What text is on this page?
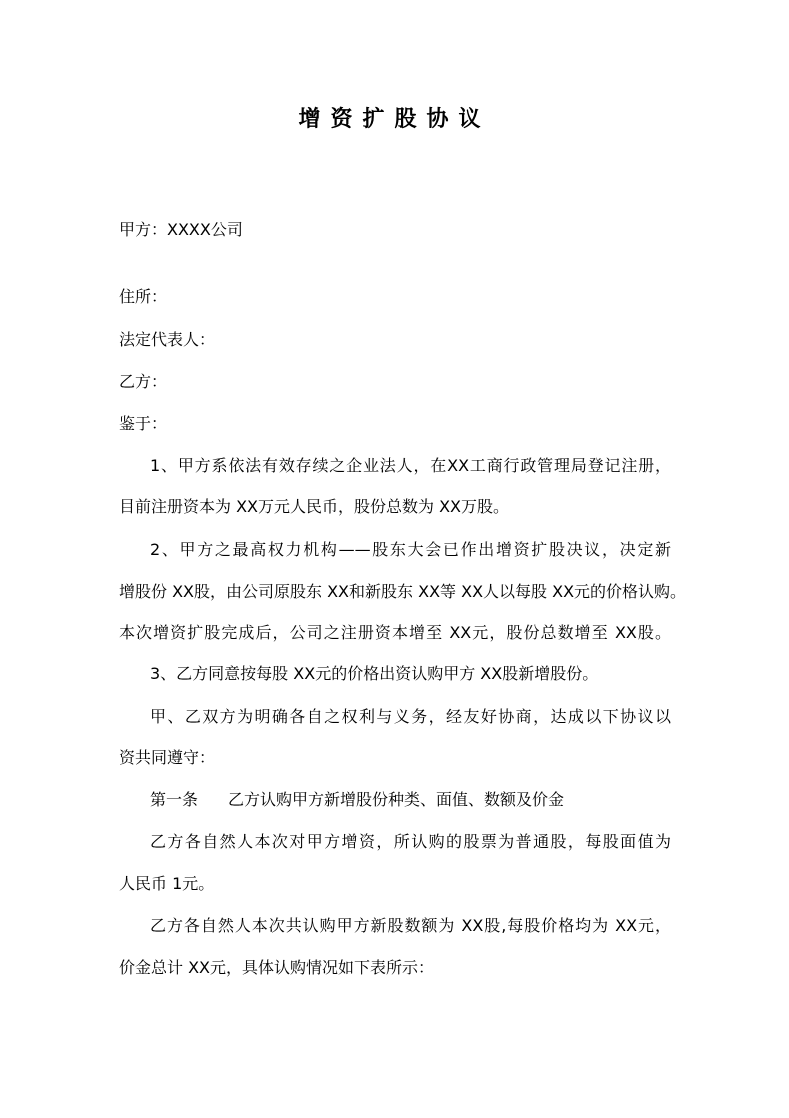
增资扩股协议
甲方：XXXX公司
住所：
法定代表人：
乙方：
鉴于：
1、甲方系依法有效存续之企业法人，在XX工商行政管理局登记注册，
目前注册资本为 XX万元人民币，股份总数为 XX万股。
2、甲方之最高权力机构——股东大会已作出增资扩股决议，决定新
增股份 XX股，由公司原股东 XX和新股东 XX等 XX人以每股 XX元的价格认购。
本次增资扩股完成后，公司之注册资本增至 XX元，股份总数增至 XX股。
3、乙方同意按每股 XX元的价格出资认购甲方 XX股新增股份。
甲、乙双方为明确各自之权利与义务，经友好协商，达成以下协议以
资共同遵守：
第一条 乙方认购甲方新增股份种类、面值、数额及价金
乙方各自然人本次对甲方增资，所认购的股票为普通股，每股面值为
人民币 1元。
乙方各自然人本次共认购甲方新股数额为 XX股,每股价格均为 XX元，
价金总计 XX元，具体认购情况如下表所示：
